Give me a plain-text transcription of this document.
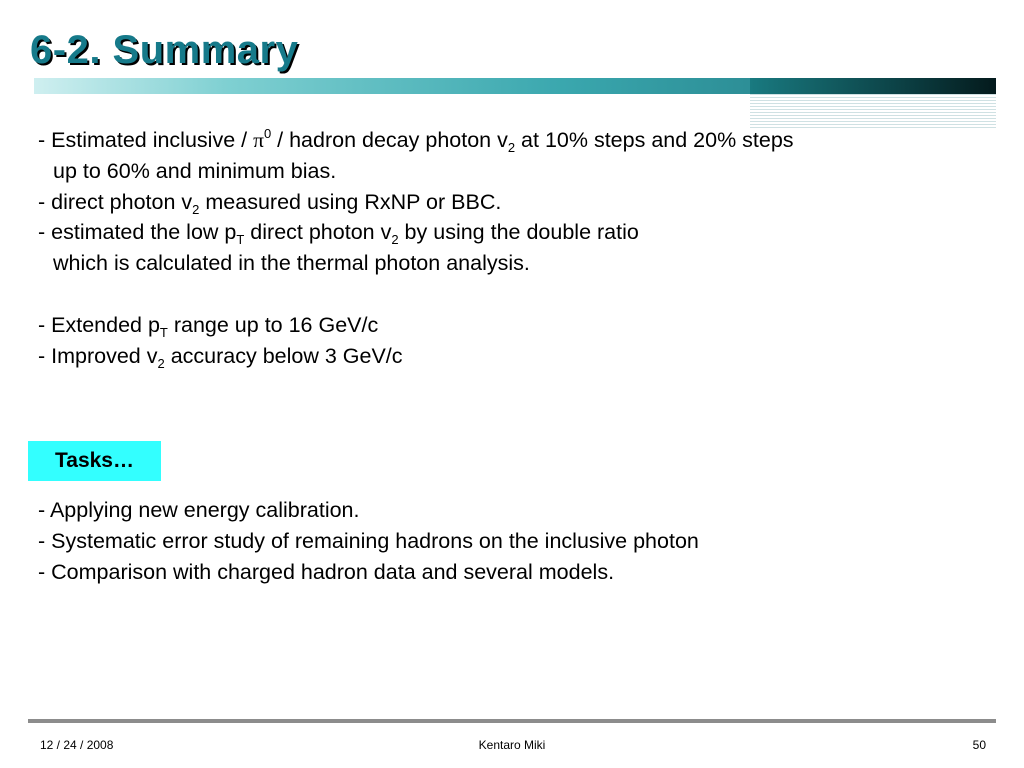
6-2. Summary
- Estimated inclusive / $\pi^0$ / hadron decay photon $v_2$ at 10% steps and 20% steps
up to 60% and minimum bias.
- direct photon $v_2$ measured using RxNP or BBC.
- estimated the low $p_T$ direct photon $v_2$ by using the double ratio
which is calculated in the thermal photon analysis.
- Extended $p_T$ range up to 16 GeV/c
- Improved $v_2$ accuracy below 3 GeV/c
Tasks…
- Applying new energy calibration.
- Systematic error study of remaining hadrons on the inclusive photon
- Comparison with charged hadron data and several models.
12 / 24 / 2008	Kentaro Miki	50
